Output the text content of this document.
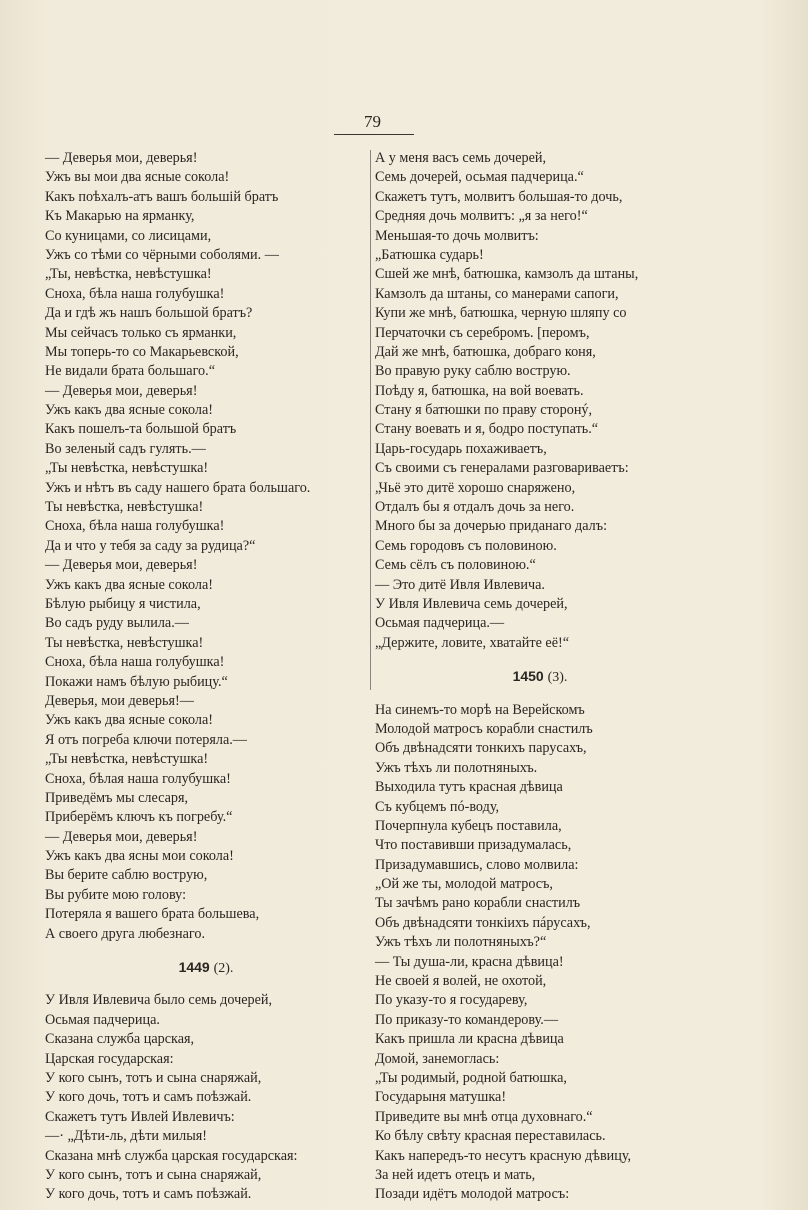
79
— Деверья мои, деверья!
Ужъ вы мои два ясные сокола!
Какъ поѣхалъ-атъ вашъ большій братъ
Къ Макарью на ярманку,
Со куницами, со лисицами,
Ужъ со тѣми со чёрными соболями. —
„Ты, невѣстка, невѣстушка!
Сноха, бѣла наша голубушка!
Да и гдѣ жъ нашъ большой братъ?
Мы сейчасъ только съ ярманки,
Мы топерь-то со Макарьевской,
Не видали брата большаго.“
— Деверья мои, деверья!
Ужъ какъ два ясные сокола!
Какъ пошелъ-та большой братъ
Во зеленый садъ гулять.—
„Ты невѣстка, невѣстушка!
Ужъ и нѣтъ въ саду нашего брата большаго.
Ты невѣстка, невѣстушка!
Сноха, бѣла наша голубушка!
Да и что у тебя за саду за рудица?“
— Деверья мои, деверья!
Ужъ какъ два ясные сокола!
Бѣлую рыбицу я чистила,
Во садъ руду вылила.—
Ты невѣстка, невѣстушка!
Сноха, бѣла наша голубушка!
Покажи намъ бѣлую рыбицу.“
Деверья, мои деверья!—
Ужъ какъ два ясные сокола!
Я отъ погреба ключи потеряла.—
„Ты невѣстка, невѣстушка!
Сноха, бѣлая наша голубушка!
Приведёмъ мы слесаря,
Приберёмъ ключъ къ погребу.“
— Деверья мои, деверья!
Ужъ какъ два ясны мои сокола!
Вы берите саблю вострую,
Вы рубите мою голову:
Потеряла я вашего брата большева,
А своего друга любезнаго.
1449 (2).
У Ивля Ивлевича было семь дочерей,
Осьмая падчерица.
Сказана служба царская,
Царская государская:
У кого сынъ, тотъ и сына снаряжай,
У кого дочь, тотъ и самъ поѣзжай.
Скажетъ тутъ Ивлей Ивлевичъ:
—· „Дѣти-ль, дѣти милыя!
Сказана мнѣ служба царская государская:
У кого сынъ, тотъ и сына снаряжай,
У кого дочь, тотъ и самъ поѣзжай.
А у меня васъ семь дочерей,
Семь дочерей, осьмая падчерица.“
Скажетъ тутъ, молвитъ большая-то дочь,
Средняя дочь молвитъ: „я за него!“
Меньшая-то дочь молвитъ:
„Батюшка сударь!
Сшей же мнѣ, батюшка, камзолъ да штаны,
Камзолъ да штаны, со манерами сапоги,
Купи же мнѣ, батюшка, черную шляпу со
Перчаточки съ серебромъ. [перомъ,
Дай же мнѣ, батюшка, добраго коня,
Во правую руку саблю вострую.
Поѣду я, батюшка, на вой воевать.
Стану я батюшки по праву сторонý,
Стану воевать и я, бодро поступать.“
Царь-государь похаживаетъ,
Съ своими съ генералами разговариваетъ:
„Чьё это дитё хорошо снаряжено,
Отдалъ бы я отдалъ дочь за него.
Много бы за дочерью приданаго далъ:
Семь городовъ съ половиною.
Семь сёлъ съ половиною.“
— Это дитё Ивля Ивлевича.
У Ивля Ивлевича семь дочерей,
Осьмая падчерица.—
„Держите, ловите, хватайте её!“
1450 (3).
На синемъ-то морѣ на Верейскомъ
Молодой матросъ корабли снастилъ
Объ двѣнадсяти тонкихъ парусахъ,
Ужъ тѣхъ ли полотняныхъ.
Выходила тутъ красная дѣвица
Съ кубцемъ пó-воду,
Почерпнула кубецъ поставила,
Что поставивши призадумалась,
Призадумавшись, слово молвила:
„Ой же ты, молодой матросъ,
Ты зачѣмъ рано корабли снастилъ
Объ двѣнадсяти тонкiихъ пáрусахъ,
Ужъ тѣхъ ли полотняныхъ?“
— Ты душа-ли, красна дѣвица!
Не своей я волей, не охотой,
По указу-то я государеву,
По приказу-то командерову.—
Какъ пришла ли красна дѣвица
Домой, занемоглась:
„Ты родимый, родной батюшка,
Государыня матушка!
Приведите вы мнѣ отца духовнаго.“
Ко бѣлу свѣту красная переставилась.
Какъ напередъ-то несутъ красную дѣвицу,
За ней идетъ отецъ и мать,
Позади идётъ молодой матросъ:
